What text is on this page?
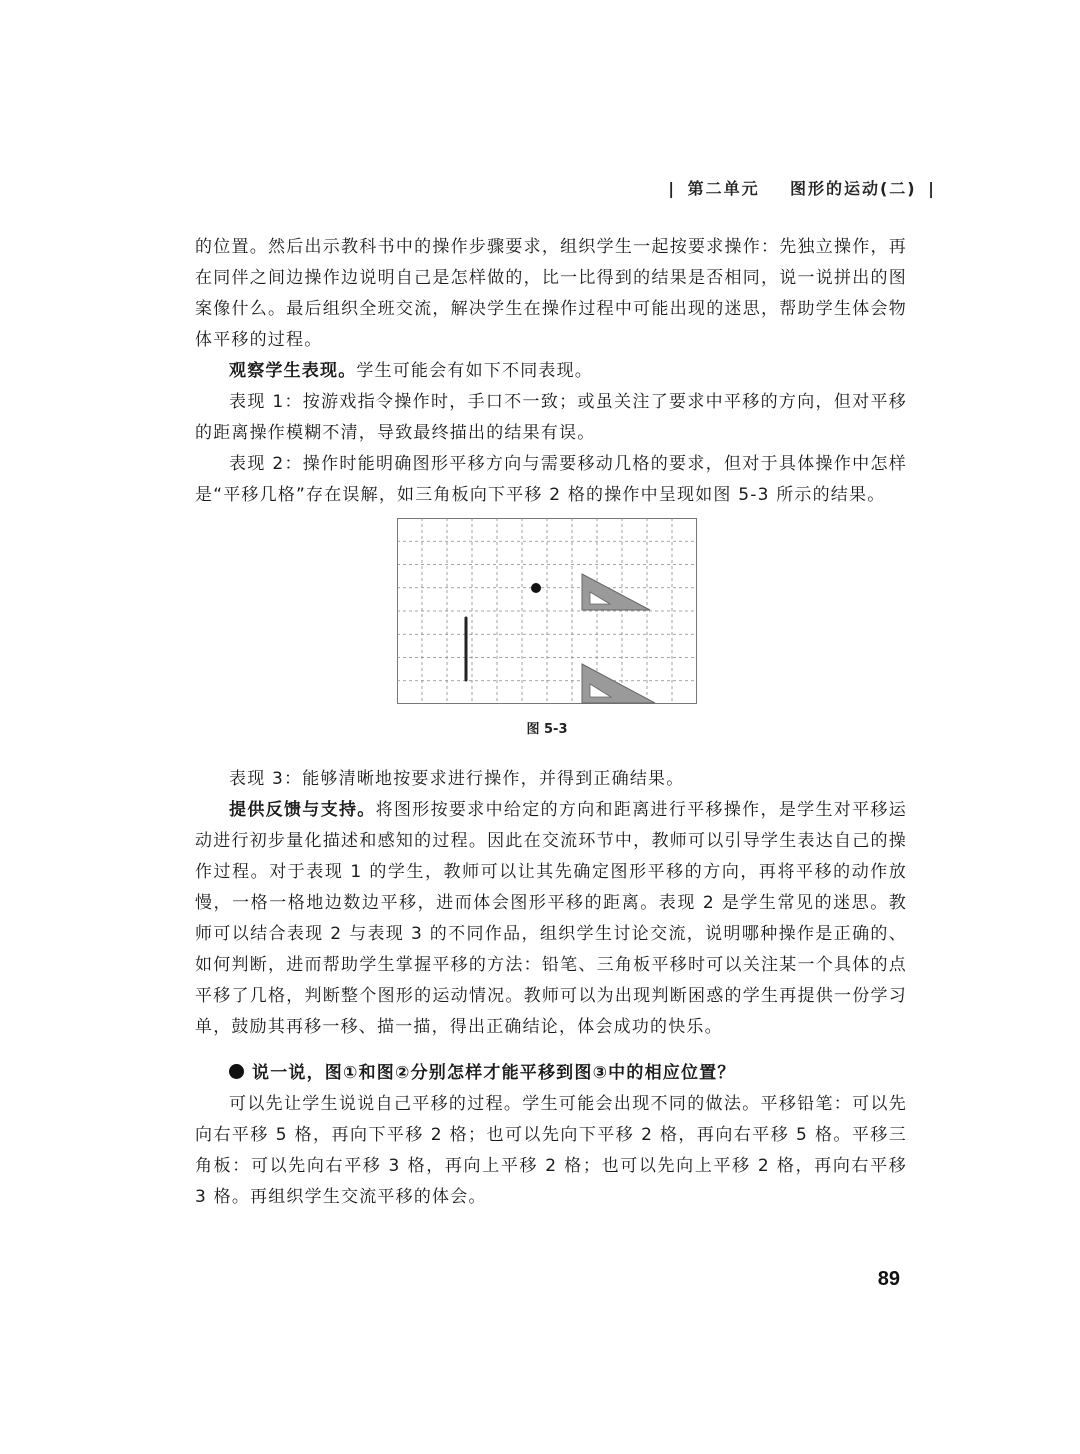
| 第二单元 图形的运动(二) |

的位置。然后出示教科书中的操作步骤要求，组织学生一起按要求操作：先独立操作，再在同伴之间边操作边说明自己是怎样做的，比一比得到的结果是否相同，说一说拼出的图案像什么。最后组织全班交流，解决学生在操作过程中可能出现的迷思，帮助学生体会物体平移的过程。

观察学生表现。学生可能会有如下不同表现。

表现 1：按游戏指令操作时，手口不一致；或虽关注了要求中平移的方向，但对平移的距离操作模糊不清，导致最终描出的结果有误。

表现 2：操作时能明确图形平移方向与需要移动几格的要求，但对于具体操作中怎样是“平移几格”存在误解，如三角板向下平移 2 格的操作中呈现如图 5-3 所示的结果。

图 5-3

表现 3：能够清晰地按要求进行操作，并得到正确结果。

提供反馈与支持。将图形按要求中给定的方向和距离进行平移操作，是学生对平移运动进行初步量化描述和感知的过程。因此在交流环节中，教师可以引导学生表达自己的操作过程。对于表现 1 的学生，教师可以让其先确定图形平移的方向，再将平移的动作放慢，一格一格地边数边平移，进而体会图形平移的距离。表现 2 是学生常见的迷思。教师可以结合表现 2 与表现 3 的不同作品，组织学生讨论交流，说明哪种操作是正确的、如何判断，进而帮助学生掌握平移的方法：铅笔、三角板平移时可以关注某一个具体的点平移了几格，判断整个图形的运动情况。教师可以为出现判断困惑的学生再提供一份学习单，鼓励其再移一移、描一描，得出正确结论，体会成功的快乐。

说一说，图①和图②分别怎样才能平移到图③中的相应位置？

可以先让学生说说自己平移的过程。学生可能会出现不同的做法。平移铅笔：可以先向右平移 5 格，再向下平移 2 格；也可以先向下平移 2 格，再向右平移 5 格。平移三角板：可以先向右平移 3 格，再向上平移 2 格；也可以先向上平移 2 格，再向右平移 3 格。再组织学生交流平移的体会。

89
